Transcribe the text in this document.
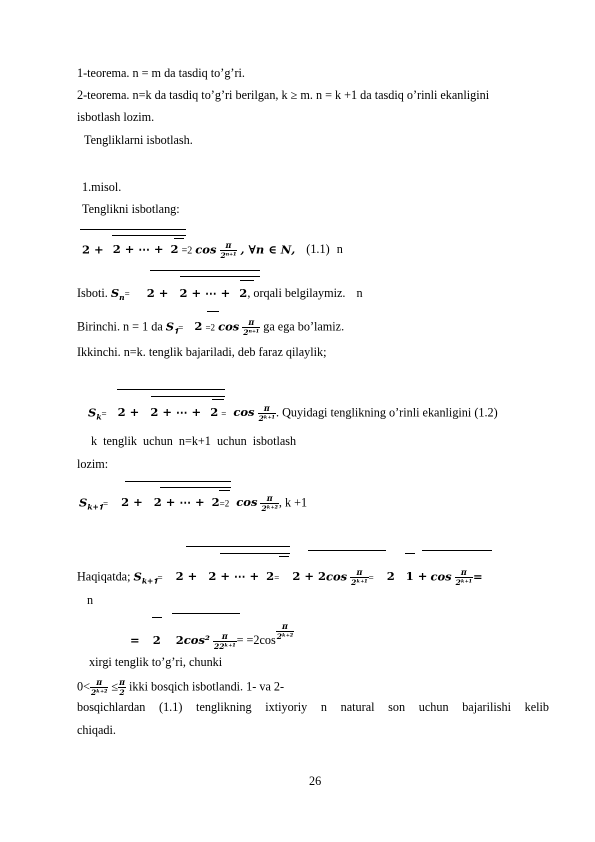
1-teorema. n = m da tasdiq to’g’ri.
2-teorema. n=k da tasdiq to’g’ri berilgan, k ≥ m. n = k +1 da tasdiq o’rinli ekanligini
isbotlash lozim.
Tengliklarni isbotlash.
1.misol.
Tenglikni isbotlang:
2 + 2 + ⋯ + 2 =2 $\cos \frac{\pi}{\text{2ⁿ⁺¹}}$ , ∀𝒏 ∈ 𝑵, (1.1) n
Isboti. 𝑺$_𝒏$= 2 + 2 + ⋯ + 2, orqali belgilaymiz. n
Birinchi. n = 1 da 𝑺$_𝟏$= 2 =2 $\cos \frac{\pi}{\text{2ⁿ⁺¹}}$ ga ega bo’lamiz.
Ikkinchi. n=k. tenglik bajariladi, deb faraz qilaylik;
𝑺$_𝒌$= 2 + 2 + ⋯ + $2 = \cos \frac{\pi}{\text{2ᵏ⁺¹}}$ . Quyidagi tenglikning o’rinli ekanligini (1.2)
k tenglik uchun n=k+1 uchun isbotlash
lozim:
𝑺$_{𝒌+𝟏}$= 2 + 2 + ⋯ + 2=2 $\cos \frac{\pi}{\text{2ᵏ⁺²}}$ , k +1
Haqiqatda; 𝑺$_{𝒌+𝟏}$= 2 + 2 + ⋯ + $2= 2 + 2\cos \frac{\pi}{\text{2ᵏ⁺¹}} = 2$ $1 + \cos \frac{\pi}{\text{2ᵏ⁺¹}}$ =
n
= 2 $2\cos^2 \frac{\pi}{\text{22ᵏ⁺¹}} = =2\cos \frac{\pi}{\text{2ᵏ⁺²}}$
xirgi tenglik to’g’ri, chunki
$0< \frac{\pi}{\text{2ᵏ⁺²}} \le \frac{\pi}{2}$ ikki bosqich isbotlandi. 1- va 2-
bosqichlardan (1.1) tenglikning ixtiyoriy n natural son uchun bajarilishi kelib
chiqadi.
26
